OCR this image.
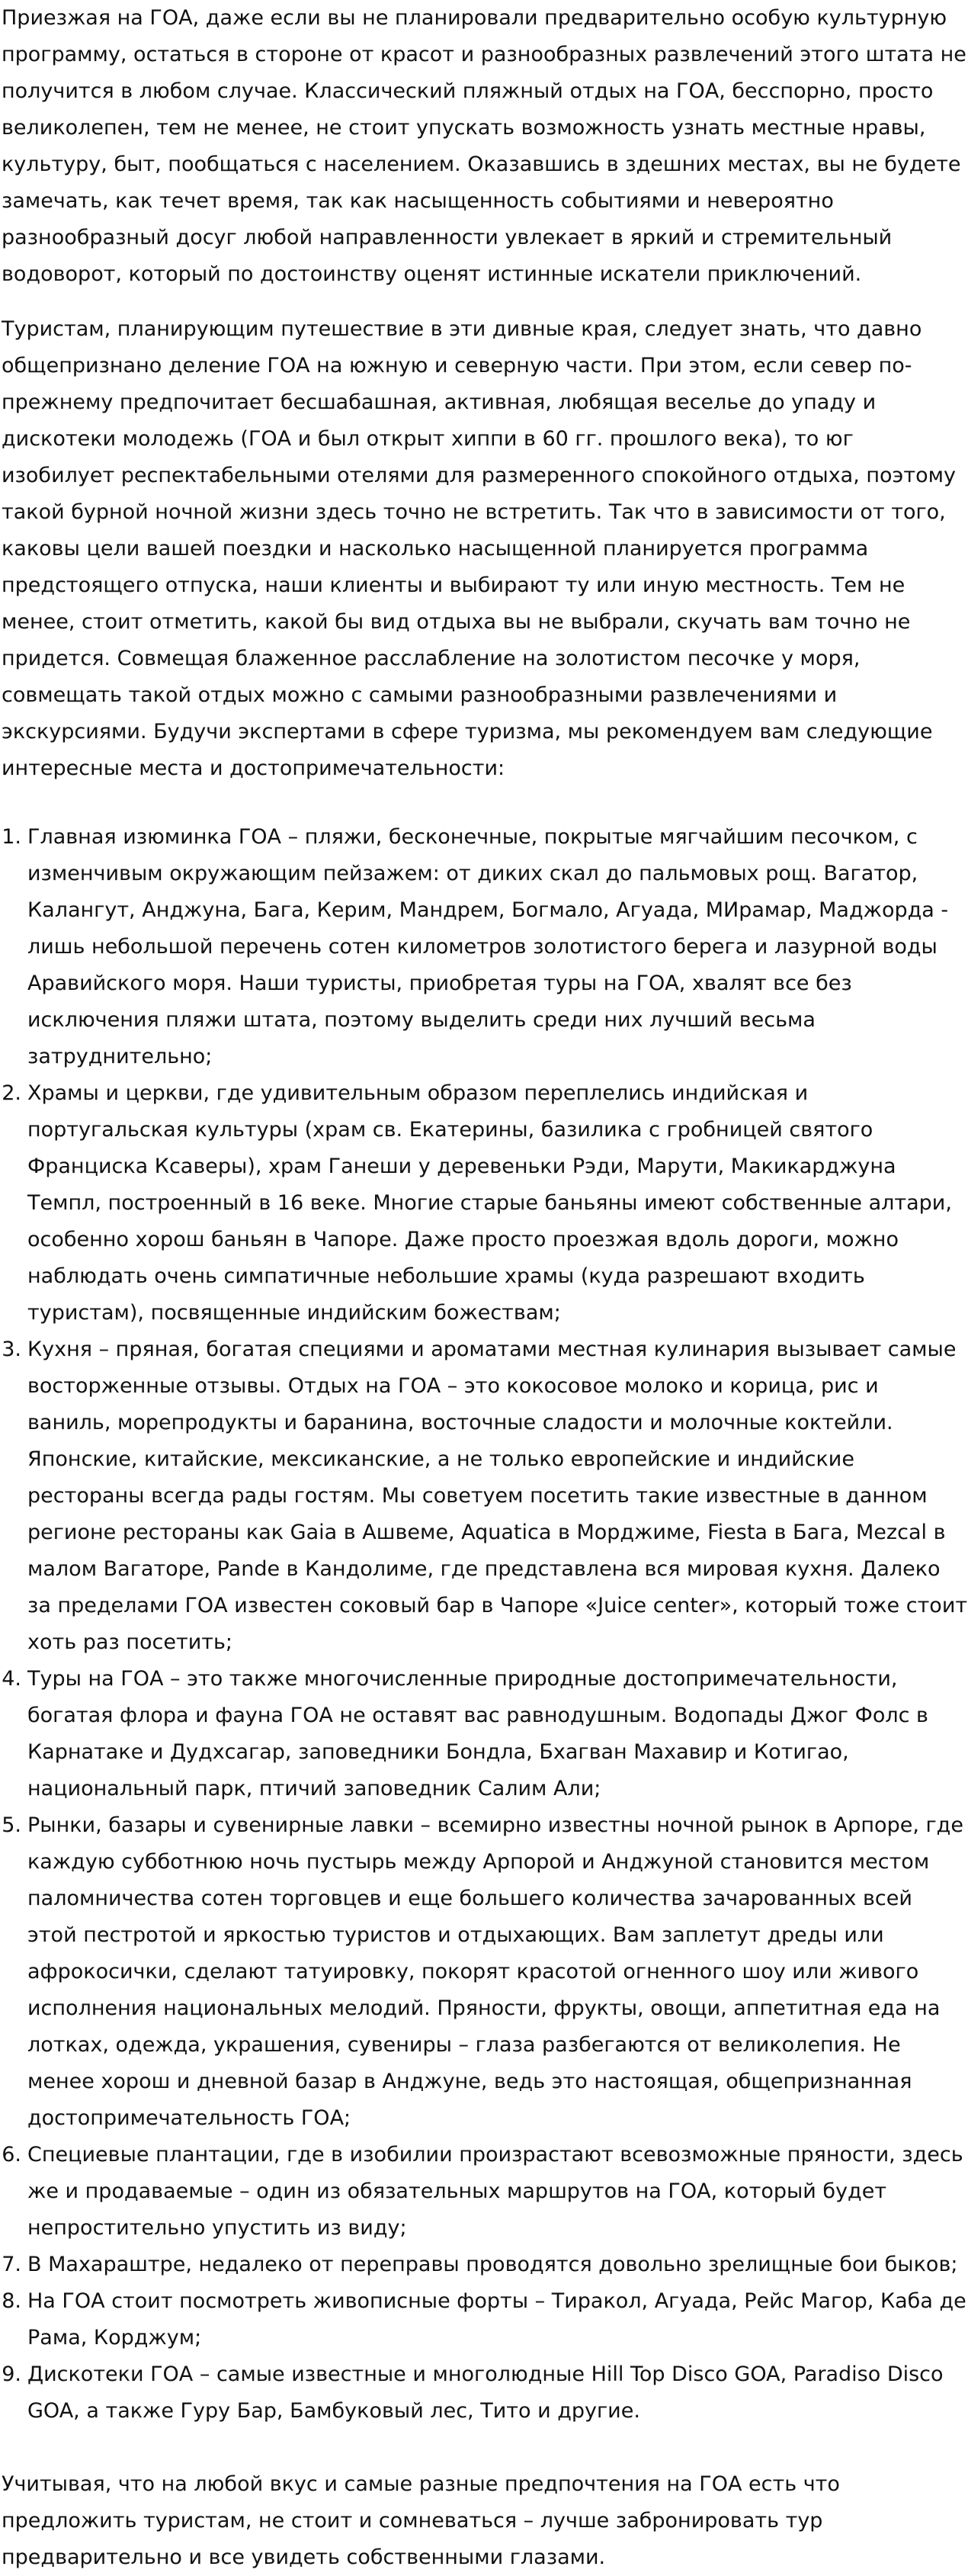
Приезжая на ГОА, даже если вы не планировали предварительно особую культурную программу, остаться в стороне от красот и разнообразных развлечений этого штата не получится в любом случае. Классический пляжный отдых на ГОА, бесспорно, просто великолепен, тем не менее, не стоит упускать возможность узнать местные нравы, культуру, быт, пообщаться с населением. Оказавшись в здешних местах, вы не будете замечать, как течет время, так как насыщенность событиями и невероятно разнообразный досуг любой направленности увлекает в яркий и стремительный водоворот, который по достоинству оценят истинные искатели приключений.

Туристам, планирующим путешествие в эти дивные края, следует знать, что давно общепризнано деление ГОА на южную и северную части. При этом, если север по-прежнему предпочитает бесшабашная, активная, любящая веселье до упаду и дискотеки молодежь (ГОА и был открыт хиппи в 60 гг. прошлого века), то юг изобилует респектабельными отелями для размеренного спокойного отдыха, поэтому такой бурной ночной жизни здесь точно не встретить. Так что в зависимости от того, каковы цели вашей поездки и насколько насыщенной планируется программа предстоящего отпуска, наши клиенты и выбирают ту или иную местность. Тем не менее, стоит отметить, какой бы вид отдыха вы не выбрали, скучать вам точно не придется. Совмещая блаженное расслабление на золотистом песочке у моря, совмещать такой отдых можно с самыми разнообразными развлечениями и экскурсиями. Будучи экспертами в сфере туризма, мы рекомендуем вам следующие интересные места и достопримечательности:

1. Главная изюминка ГОА – пляжи, бесконечные, покрытые мягчайшим песочком, с изменчивым окружающим пейзажем: от диких скал до пальмовых рощ. Вагатор, Калангут, Анджуна, Бага, Керим, Мандрем, Богмало, Агуада, МИрамар, Маджорда - лишь небольшой перечень сотен километров золотистого берега и лазурной воды Аравийского моря. Наши туристы, приобретая туры на ГОА, хвалят все без исключения пляжи штата, поэтому выделить среди них лучший весьма затруднительно;
2. Храмы и церкви, где удивительным образом переплелись индийская и португальская культуры (храм св. Екатерины, базилика с гробницей святого Франциска Ксаверы), храм Ганеши у деревеньки Рэди, Марути, Макикарджуна Темпл, построенный в 16 веке. Многие старые баньяны имеют собственные алтари, особенно хорош баньян в Чапоре. Даже просто проезжая вдоль дороги, можно наблюдать очень симпатичные небольшие храмы (куда разрешают входить туристам), посвященные индийским божествам;
3. Кухня – пряная, богатая специями и ароматами местная кулинария вызывает самые восторженные отзывы. Отдых на ГОА – это кокосовое молоко и корица, рис и ваниль, морепродукты и баранина, восточные сладости и молочные коктейли. Японские, китайские, мексиканские, а не только европейские и индийские рестораны всегда рады гостям. Мы советуем посетить такие известные в данном регионе рестораны как Gaia в Ашвеме, Aquatica в Морджиме, Fiesta в Бага, Mezcal в малом Вагаторе, Pande в Кандолиме, где представлена вся мировая кухня. Далеко за пределами ГОА известен соковый бар в Чапоре «Juice center», который тоже стоит хоть раз посетить;
4. Туры на ГОА – это также многочисленные природные достопримечательности, богатая флора и фауна ГОА не оставят вас равнодушным. Водопады Джог Фолс в Карнатаке и Дудхсагар, заповедники Бондла, Бхагван Махавир и Котигао, национальный парк, птичий заповедник Салим Али;
5. Рынки, базары и сувенирные лавки – всемирно известны ночной рынок в Арпоре, где каждую субботнюю ночь пустырь между Арпорой и Анджуной становится местом паломничества сотен торговцев и еще большего количества зачарованных всей этой пестротой и яркостью туристов и отдыхающих. Вам заплетут дреды или афрокосички, сделают татуировку, покорят красотой огненного шоу или живого исполнения национальных мелодий. Пряности, фрукты, овощи, аппетитная еда на лотках, одежда, украшения, сувениры – глаза разбегаются от великолепия. Не менее хорош и дневной базар в Анджуне, ведь это настоящая, общепризнанная достопримечательность ГОА;
6. Специевые плантации, где в изобилии произрастают всевозможные пряности, здесь же и продаваемые – один из обязательных маршрутов на ГОА, который будет непростительно упустить из виду;
7. В Махараштре, недалеко от переправы проводятся довольно зрелищные бои быков;
8. На ГОА стоит посмотреть живописные форты – Тиракол, Агуада, Рейс Магор, Каба де Рама, Корджум;
9. Дискотеки ГОА – самые известные и многолюдные Hill Top Disco GOA, Paradiso Disco GOA, а также Гуру Бар, Бамбуковый лес, Тито и другие.

Учитывая, что на любой вкус и самые разные предпочтения на ГОА есть что предложить туристам, не стоит и сомневаться – лучше забронировать тур предварительно и все увидеть собственными глазами.
